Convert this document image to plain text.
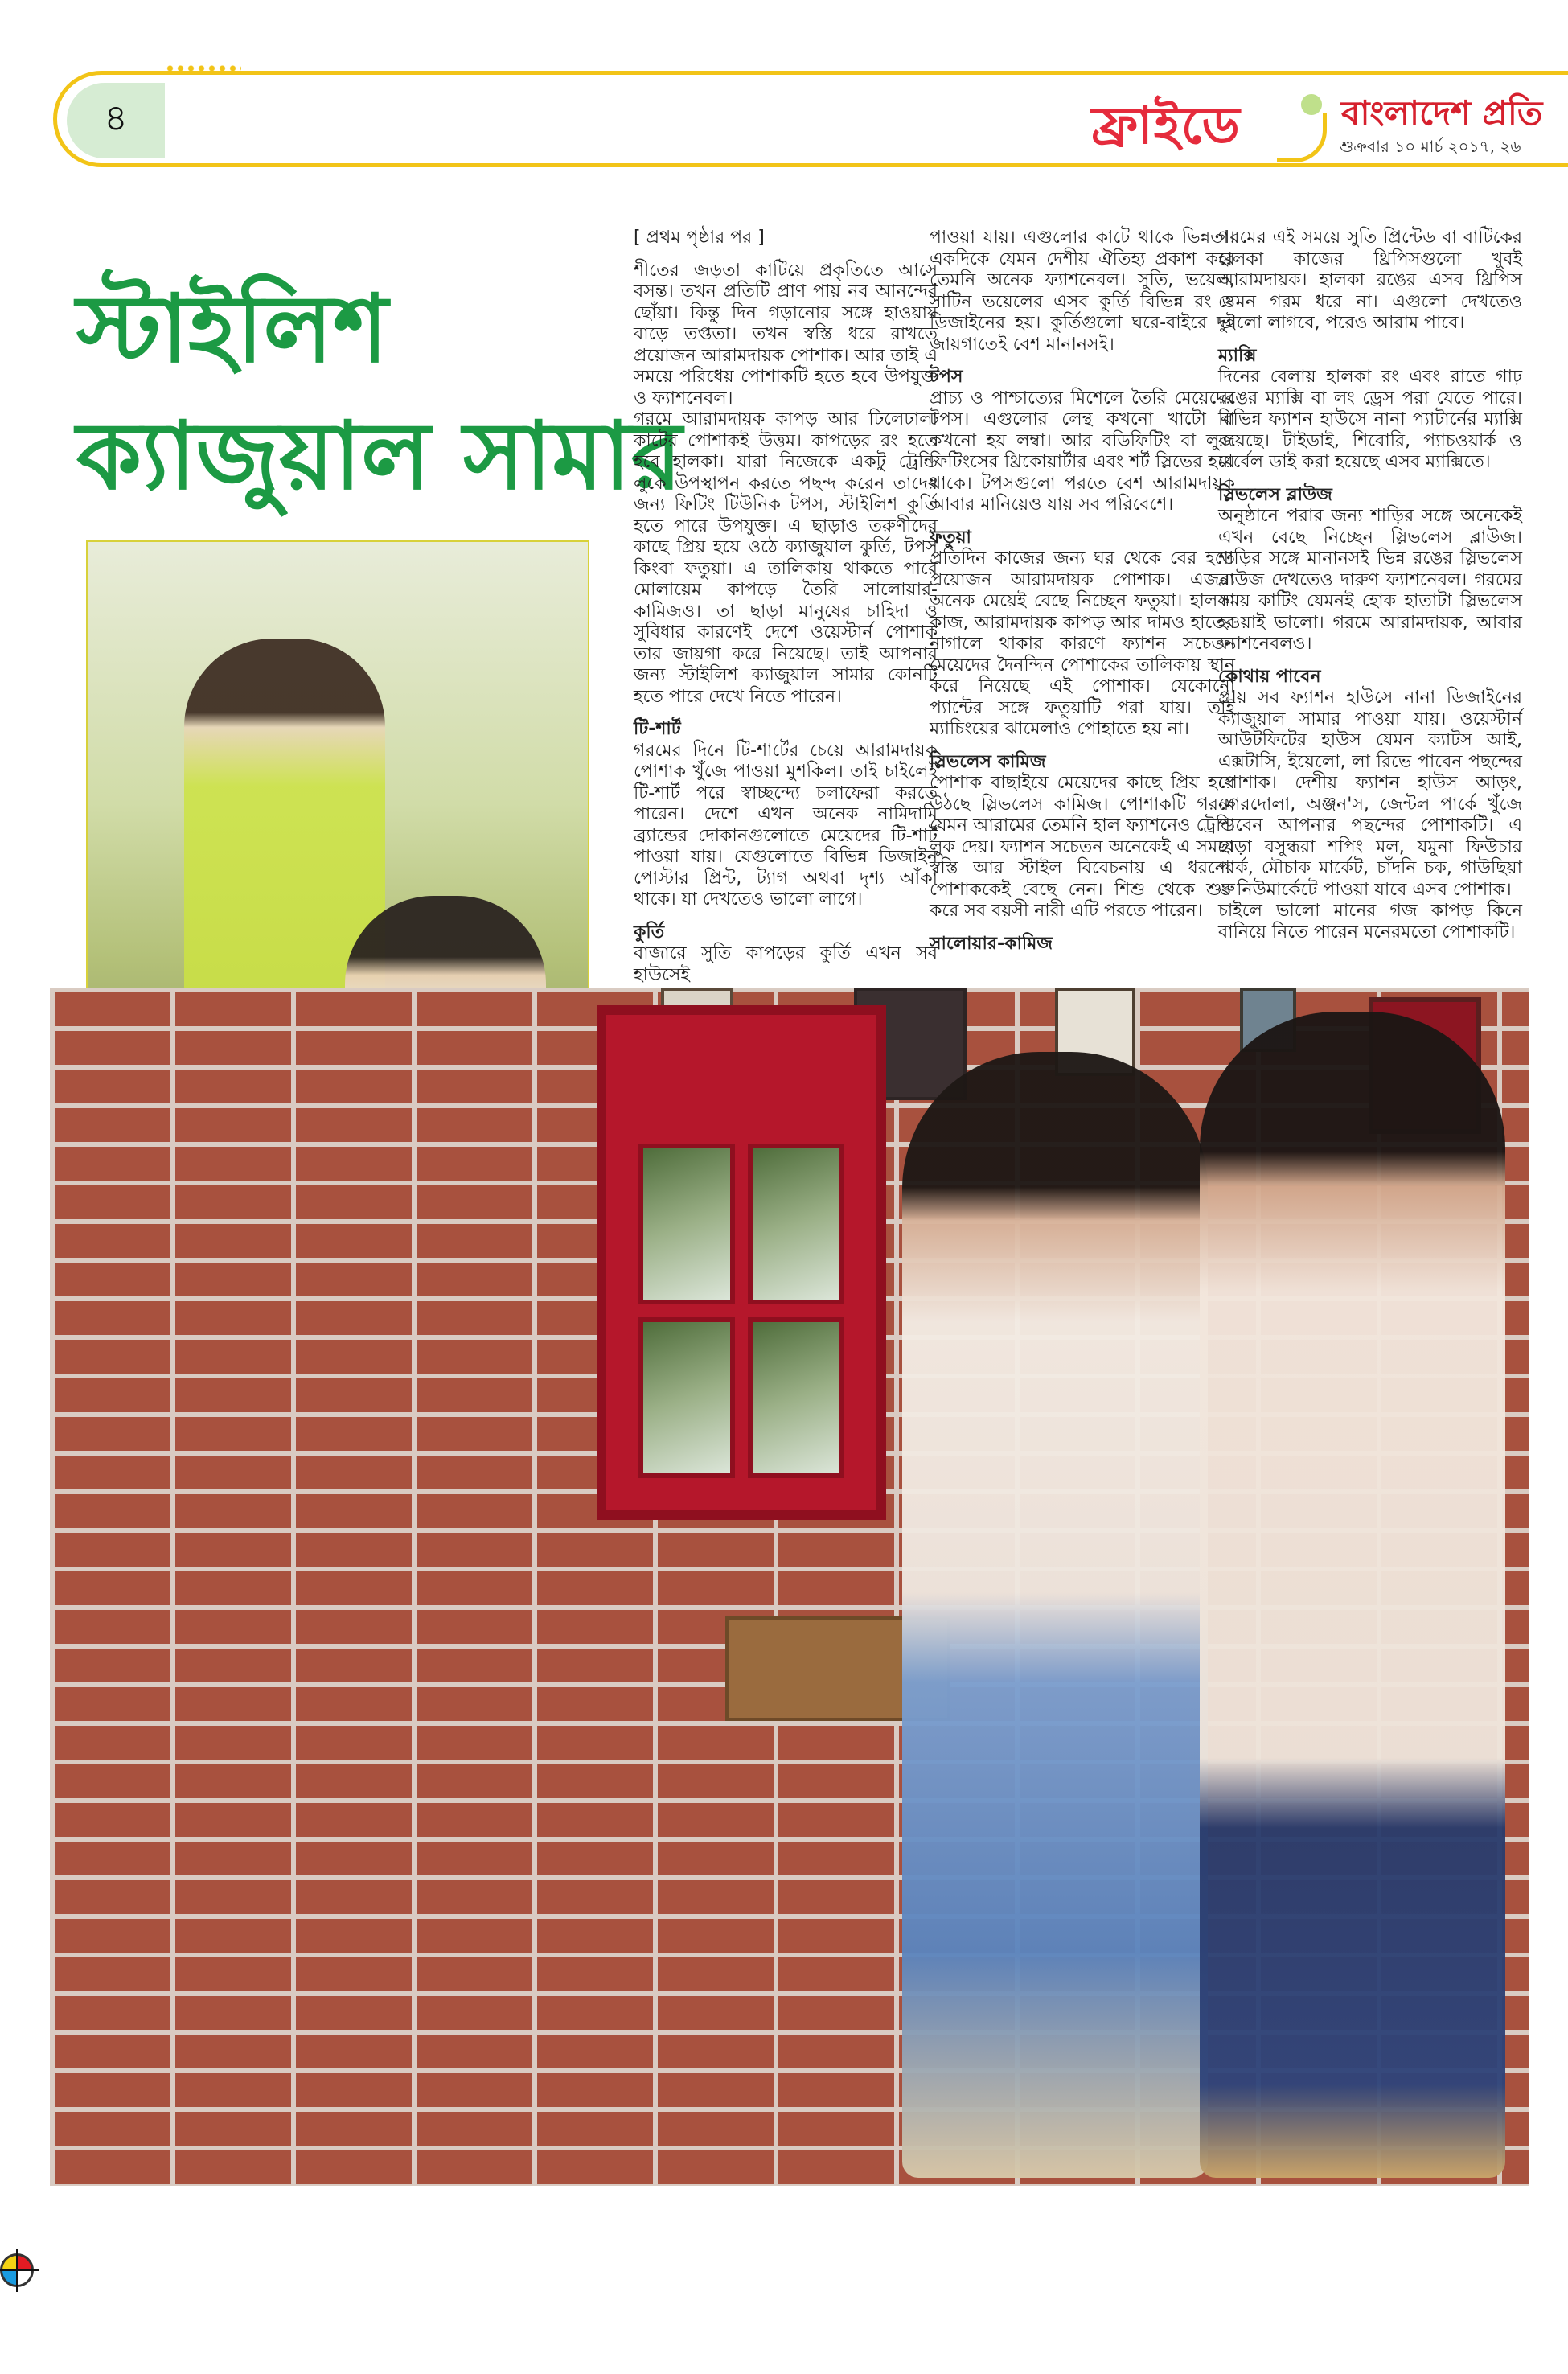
৪	ফ্রাইডে	বাংলাদেশ প্রতি
শুক্রবার ১০ মার্চ ২০১৭, ২৬
স্টাইলিশ
ক্যাজুয়াল সামার

[ প্রথম পৃষ্ঠার পর ]

শীতের জড়তা কাটিয়ে প্রকৃতিতে আসে বসন্ত। তখন প্রতিটি প্রাণ পায় নব আনন্দের ছোঁয়া। কিন্তু দিন গড়ানোর সঙ্গে হাওয়ায় বাড়ে তপ্ততা। তখন স্বস্তি ধরে রাখতে প্রয়োজন আরামদায়ক পোশাক। আর তাই এ সময়ে পরিধেয় পোশাকটি হতে হবে উপযুক্ত ও ফ্যাশনেবল।

গরমে আরামদায়ক কাপড় আর ঢিলেঢালা কাটের পোশাকই উত্তম। কাপড়ের রং হতে হবে হালকা। যারা নিজেকে একটু ট্রেন্ডি লুকে উপস্থাপন করতে পছন্দ করেন তাদের জন্য ফিটিং টিউনিক টপস, স্টাইলিশ কুর্তি হতে পারে উপযুক্ত। এ ছাড়াও তরুণীদের কাছে প্রিয় হয়ে ওঠে ক্যাজুয়াল কুর্তি, টপস কিংবা ফতুয়া। এ তালিকায় থাকতে পারে মোলায়েম কাপড়ে তৈরি সালোয়ার-কামিজও। তা ছাড়া মানুষের চাহিদা ও সুবিধার কারণেই দেশে ওয়েস্টার্ন পোশাক তার জায়গা করে নিয়েছে। তাই আপনার জন্য স্টাইলিশ ক্যাজুয়াল সামার কোনটি হতে পারে দেখে নিতে পারেন।

টি-শার্ট

গরমের দিনে টি-শার্টের চেয়ে আরামদায়ক পোশাক খুঁজে পাওয়া মুশকিল। তাই চাইলেই টি-শার্ট পরে স্বাচ্ছন্দ্যে চলাফেরা করতে পারেন। দেশে এখন অনেক নামিদামি ব্র্যান্ডের দোকানগুলোতে মেয়েদের টি-শার্ট পাওয়া যায়। যেগুলোতে বিভিন্ন ডিজাইন পোস্টার প্রিন্ট, ট্যাগ অথবা দৃশ্য আঁকা থাকে। যা দেখতেও ভালো লাগে।

কুর্তি

বাজারে সুতি কাপড়ের কুর্তি এখন সব হাউসেই

পাওয়া যায়। এগুলোর কাটে থাকে ভিন্নতা। একদিকে যেমন দেশীয় ঐতিহ্য প্রকাশ করে তেমনি অনেক ফ্যাশনেবল। সুতি, ভয়েল, সাটিন ভয়েলের এসব কুর্তি বিভিন্ন রং ও ডিজাইনের হয়। কুর্তিগুলো ঘরে-বাইরে দুই জায়গাতেই বেশ মানানসই।

টপস

প্রাচ্য ও পাশ্চাত্যের মিশেলে তৈরি মেয়েদের টপস। এগুলোর লেন্থ কখনো খাটো বা কখনো হয় লম্বা। আর বডিফিটিং বা লুজ ফিটিংসের থ্রিকোয়ার্টার এবং শর্ট স্লিভের হয়ে থাকে। টপসগুলো পরতে বেশ আরামদায়ক আবার মানিয়েও যায় সব পরিবেশে।

ফতুয়া

প্রতিদিন কাজের জন্য ঘর থেকে বের হতে প্রয়োজন আরামদায়ক পোশাক। এজন্য অনেক মেয়েই বেছে নিচ্ছেন ফতুয়া। হালকা কাজ, আরামদায়ক কাপড় আর দামও হাতের নাগালে থাকার কারণে ফ্যাশন সচেতন মেয়েদের দৈনন্দিন পোশাকের তালিকায় স্থান করে নিয়েছে এই পোশাক। যেকোনো প্যান্টের সঙ্গে ফতুয়াটি পরা যায়। তাই ম্যাচিংয়ের ঝামেলাও পোহাতে হয় না।

স্লিভলেস কামিজ

পোশাক বাছাইয়ে মেয়েদের কাছে প্রিয় হয়ে উঠছে স্লিভলেস কামিজ। পোশাকটি গরমে যেমন আরামের তেমনি হাল ফ্যাশনেও ট্রেন্ডি লুক দেয়। ফ্যাশন সচেতন অনেকেই এ সময়ে স্বস্তি আর স্টাইল বিবেচনায় এ ধরনের পোশাককেই বেছে নেন। শিশু থেকে শুরু করে সব বয়সী নারী এটি পরতে পারেন।

সালোয়ার-কামিজ

গরমের এই সময়ে সুতি প্রিন্টেড বা বাটিকের হালকা কাজের থ্রিপিসগুলো খুবই আরামদায়ক। হালকা রঙের এসব থ্রিপিস যেমন গরম ধরে না। এগুলো দেখতেও ভালো লাগবে, পরেও আরাম পাবে।

ম্যাক্সি

দিনের বেলায় হালকা রং এবং রাতে গাঢ় রঙের ম্যাক্সি বা লং ড্রেস পরা যেতে পারে। বিভিন্ন ফ্যাশন হাউসে নানা প্যাটার্নের ম্যাক্সি রয়েছে। টাইডাই, শিবোরি, প্যাচওয়ার্ক ও মার্বেল ডাই করা হয়েছে এসব ম্যাক্সিতে।

স্লিভলেস ব্লাউজ

অনুষ্ঠানে পরার জন্য শাড়ির সঙ্গে অনেকেই এখন বেছে নিচ্ছেন স্লিভলেস ব্লাউজ। শাড়ির সঙ্গে মানানসই ভিন্ন রঙের স্লিভলেস ব্লাউজ দেখতেও দারুণ ফ্যাশনেবল। গরমের সময় কাটিং যেমনই হোক হাতাটা স্লিভলেস হওয়াই ভালো। গরমে আরামদায়ক, আবার ফ্যাশনেবলও।

কোথায় পাবেন

প্রায় সব ফ্যাশন হাউসে নানা ডিজাইনের ক্যাজুয়াল সামার পাওয়া যায়। ওয়েস্টার্ন আউটফিটের হাউস যেমন ক্যাটস আই, এক্সটাসি, ইয়েলো, লা রিভে পাবেন পছন্দের পোশাক। দেশীয় ফ্যাশন হাউস আড়ং, নগরদোলা, অঞ্জন'স, জেন্টল পার্কে খুঁজে পাবেন আপনার পছন্দের পোশাকটি। এ ছাড়া বসুন্ধরা শপিং মল, যমুনা ফিউচার পার্ক, মৌচাক মার্কেট, চাঁদনি চক, গাউছিয়া ও নিউমার্কেটে পাওয়া যাবে এসব পোশাক।

চাইলে ভালো মানের গজ কাপড় কিনে বানিয়ে নিতে পারেন মনেরমতো পোশাকটি।
